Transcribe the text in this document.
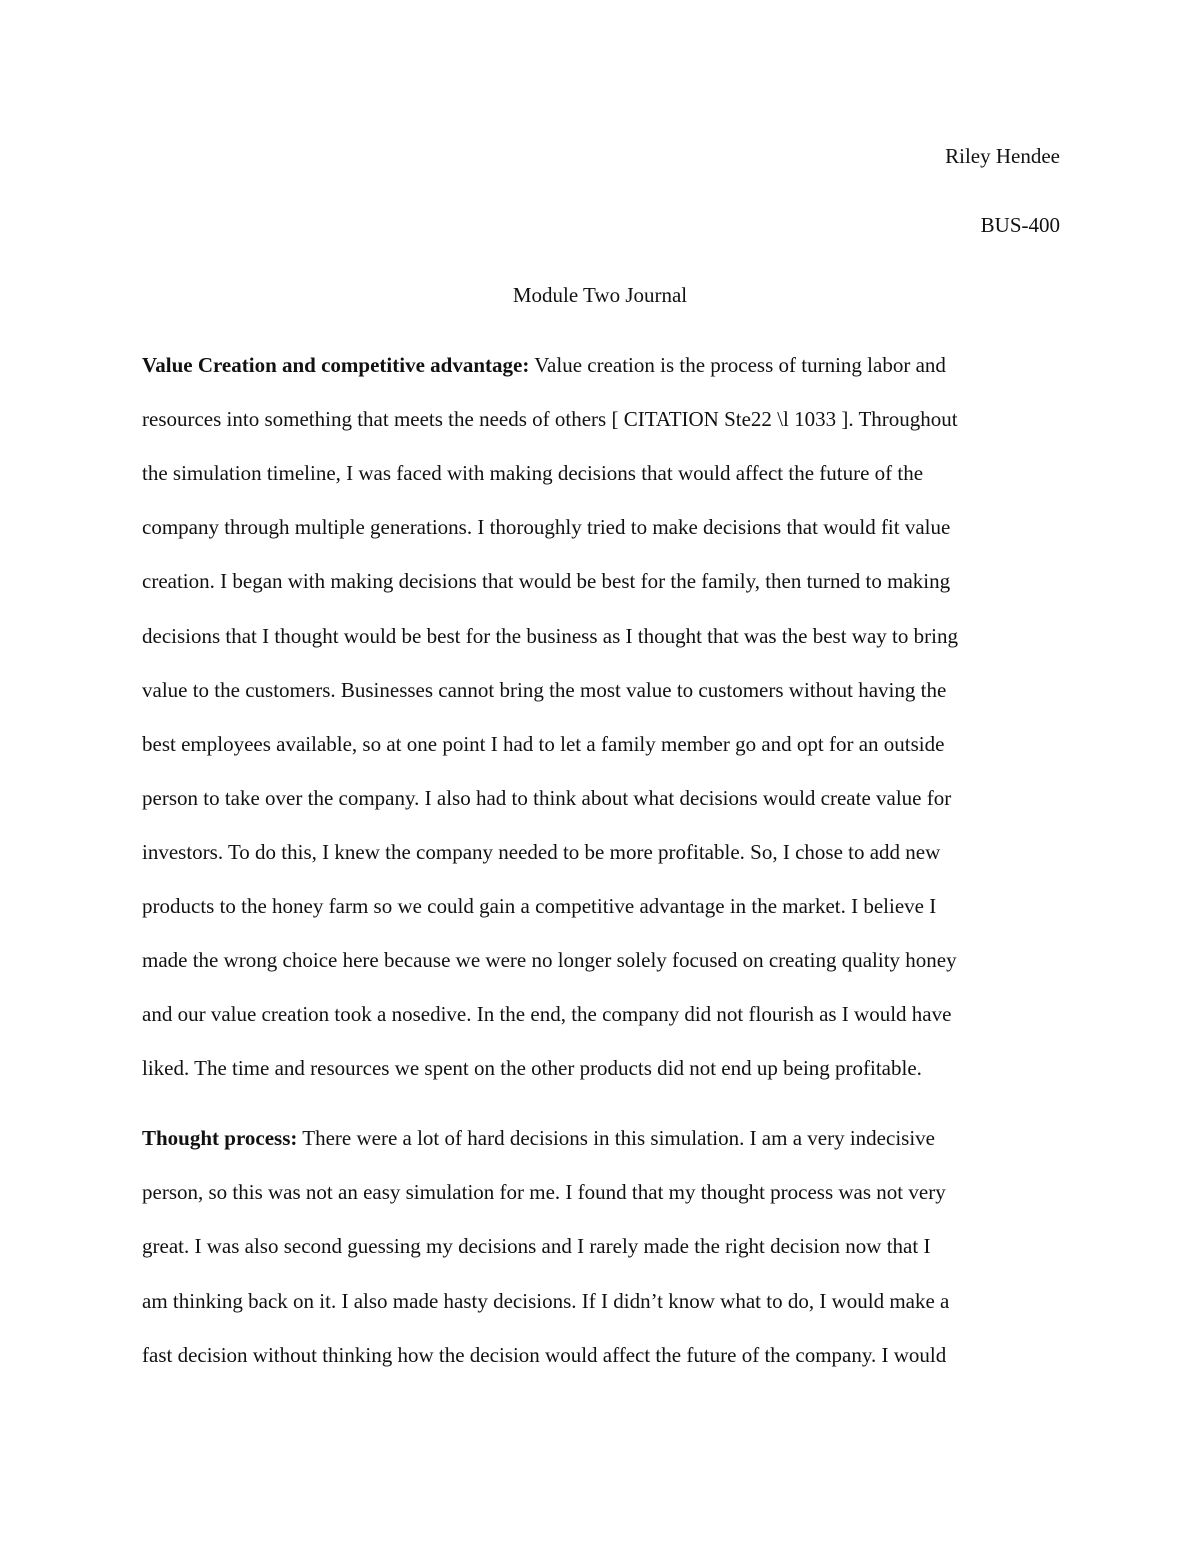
Riley Hendee
BUS-400
Module Two Journal
Value Creation and competitive advantage: Value creation is the process of turning labor and
resources into something that meets the needs of others [ CITATION Ste22 \l 1033 ]. Throughout
the simulation timeline, I was faced with making decisions that would affect the future of the
company through multiple generations. I thoroughly tried to make decisions that would fit value
creation. I began with making decisions that would be best for the family, then turned to making
decisions that I thought would be best for the business as I thought that was the best way to bring
value to the customers. Businesses cannot bring the most value to customers without having the
best employees available, so at one point I had to let a family member go and opt for an outside
person to take over the company. I also had to think about what decisions would create value for
investors. To do this, I knew the company needed to be more profitable. So, I chose to add new
products to the honey farm so we could gain a competitive advantage in the market. I believe I
made the wrong choice here because we were no longer solely focused on creating quality honey
and our value creation took a nosedive. In the end, the company did not flourish as I would have
liked. The time and resources we spent on the other products did not end up being profitable.
Thought process: There were a lot of hard decisions in this simulation. I am a very indecisive
person, so this was not an easy simulation for me. I found that my thought process was not very
great. I was also second guessing my decisions and I rarely made the right decision now that I
am thinking back on it. I also made hasty decisions. If I didn’t know what to do, I would make a
fast decision without thinking how the decision would affect the future of the company. I would
